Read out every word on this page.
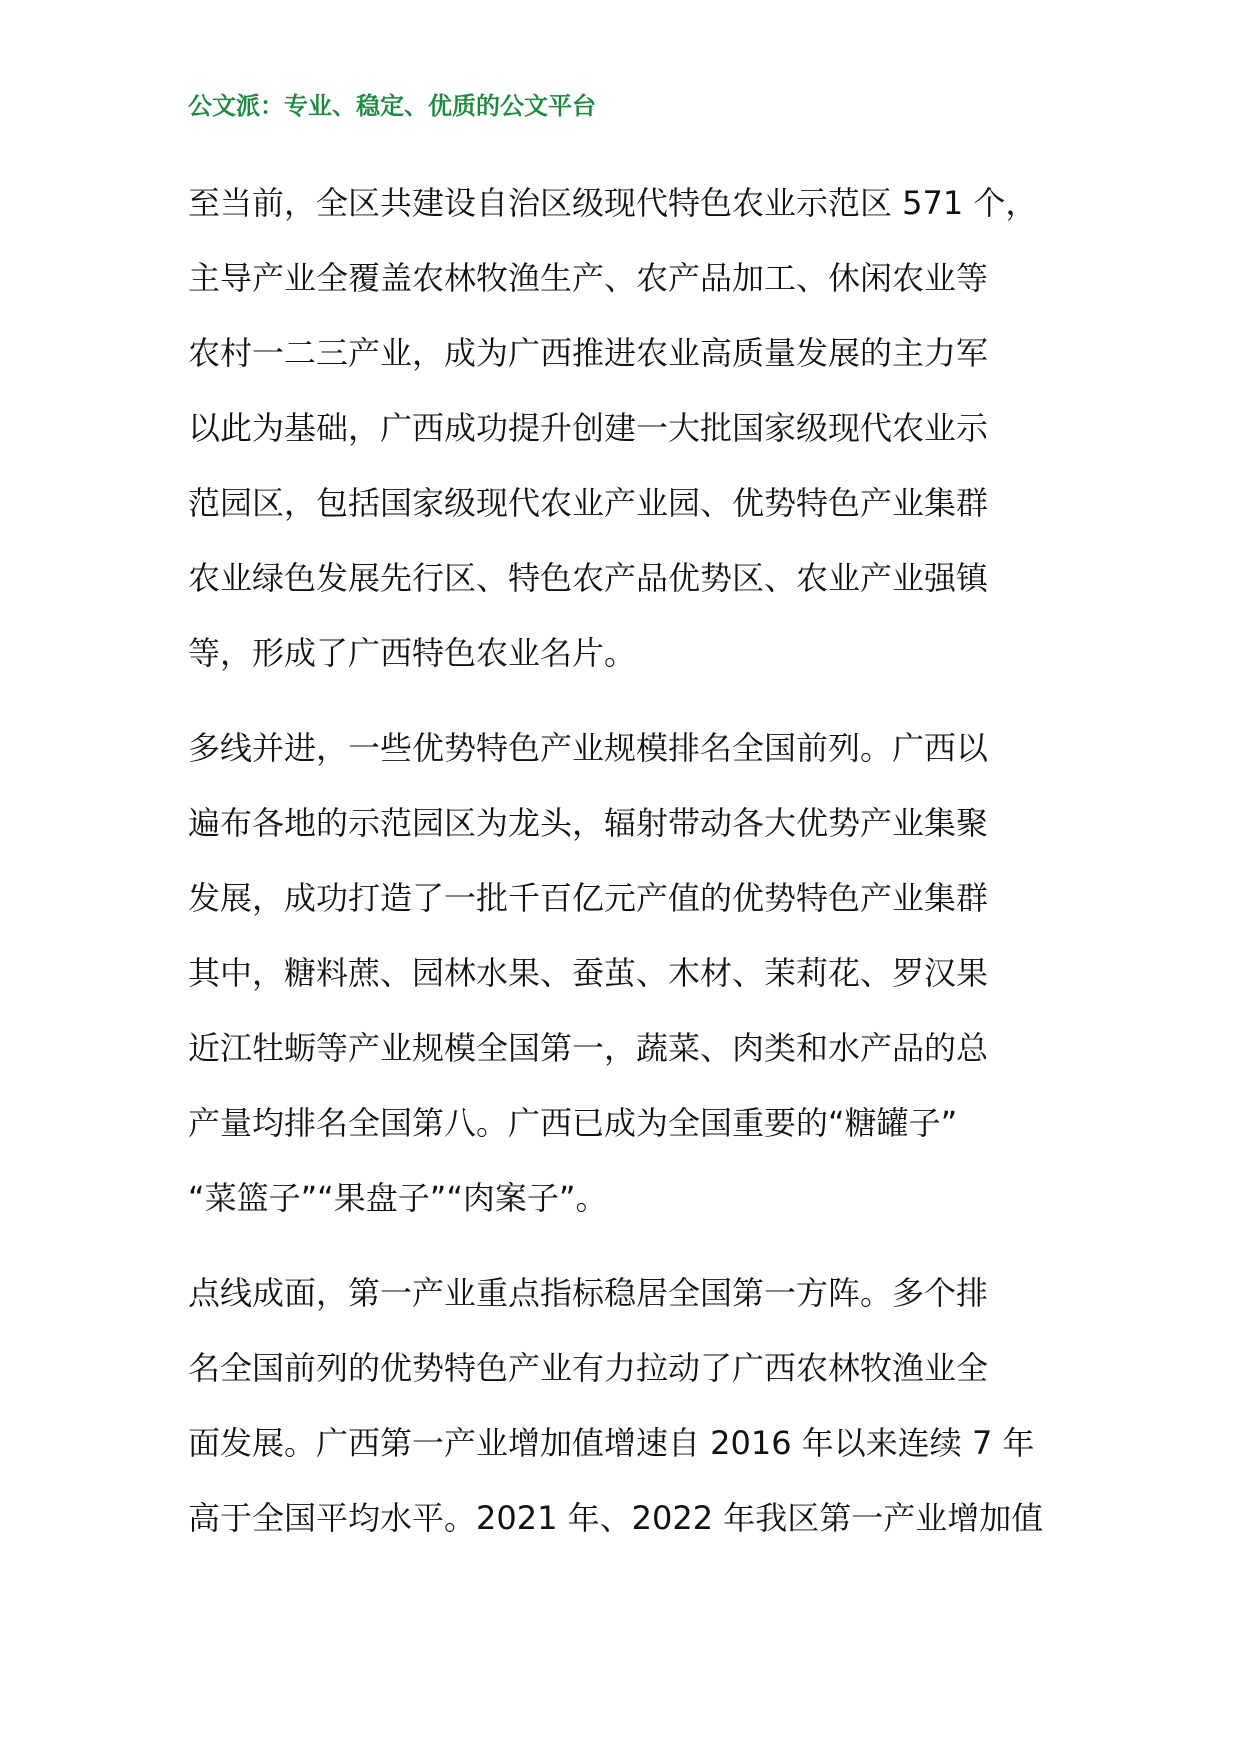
公文派：专业、稳定、优质的公文平台
至当前，全区共建设自治区级现代特色农业示范区 571 个，
主导产业全覆盖农林牧渔生产、农产品加工、休闲农业等
农村一二三产业，成为广西推进农业高质量发展的主力军
以此为基础，广西成功提升创建一大批国家级现代农业示
范园区，包括国家级现代农业产业园、优势特色产业集群
农业绿色发展先行区、特色农产品优势区、农业产业强镇
等，形成了广西特色农业名片。
多线并进，一些优势特色产业规模排名全国前列。广西以
遍布各地的示范园区为龙头，辐射带动各大优势产业集聚
发展，成功打造了一批千百亿元产值的优势特色产业集群
其中，糖料蔗、园林水果、蚕茧、木材、茉莉花、罗汉果
近江牡蛎等产业规模全国第一，蔬菜、肉类和水产品的总
产量均排名全国第八。广西已成为全国重要的“糖罐子”
“菜篮子”“果盘子”“肉案子”。
点线成面，第一产业重点指标稳居全国第一方阵。多个排
名全国前列的优势特色产业有力拉动了广西农林牧渔业全
面发展。广西第一产业增加值增速自 2016 年以来连续 7 年
高于全国平均水平。2021 年、2022 年我区第一产业增加值
